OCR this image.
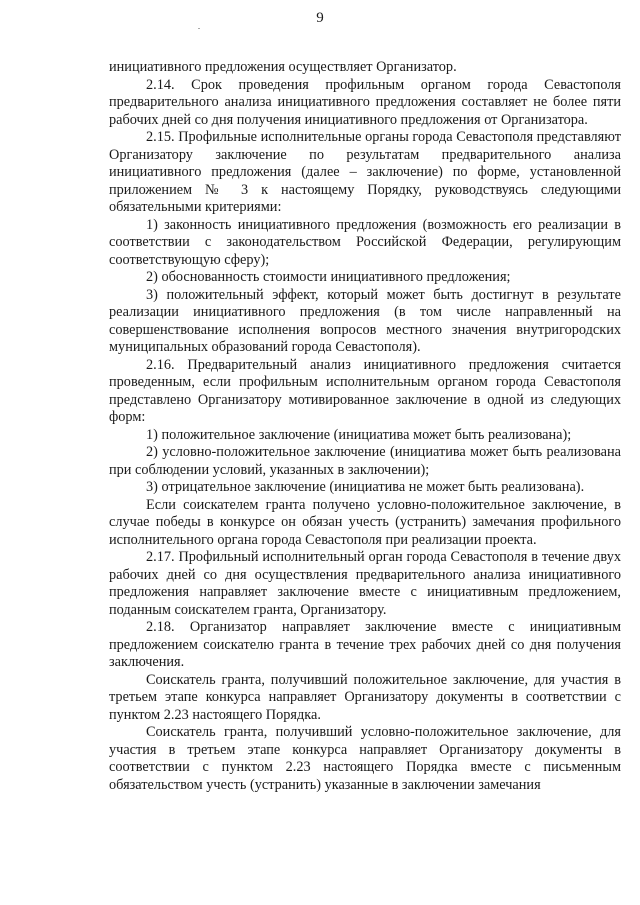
9
.

инициативного предложения осуществляет Организатор.

2.14. Срок проведения профильным органом города Севастополя предварительного анализа инициативного предложения составляет не более пяти рабочих дней со дня получения инициативного предложения от Организатора.

2.15. Профильные исполнительные органы города Севастополя представляют Организатору заключение по результатам предварительного анализа инициативного предложения (далее – заключение) по форме, установленной приложением № 3 к настоящему Порядку, руководствуясь следующими обязательными критериями:

1) законность инициативного предложения (возможность его реализации в соответствии с законодательством Российской Федерации, регулирующим соответствующую сферу);

2) обоснованность стоимости инициативного предложения;

3) положительный эффект, который может быть достигнут в результате реализации инициативного предложения (в том числе направленный на совершенствование исполнения вопросов местного значения внутригородских муниципальных образований города Севастополя).

2.16. Предварительный анализ инициативного предложения считается проведенным, если профильным исполнительным органом города Севастополя представлено Организатору мотивированное заключение в одной из следующих форм:

1) положительное заключение (инициатива может быть реализована);

2) условно-положительное заключение (инициатива может быть реализована при соблюдении условий, указанных в заключении);

3) отрицательное заключение (инициатива не может быть реализована).

Если соискателем гранта получено условно-положительное заключение, в случае победы в конкурсе он обязан учесть (устранить) замечания профильного исполнительного органа города Севастополя при реализации проекта.

2.17. Профильный исполнительный орган города Севастополя в течение двух рабочих дней со дня осуществления предварительного анализа инициативного предложения направляет заключение вместе с инициативным предложением, поданным соискателем гранта, Организатору.

2.18. Организатор направляет заключение вместе с инициативным предложением соискателю гранта в течение трех рабочих дней со дня получения заключения.

Соискатель гранта, получивший положительное заключение, для участия в третьем этапе конкурса направляет Организатору документы в соответствии с пунктом 2.23 настоящего Порядка.

Соискатель гранта, получивший условно-положительное заключение, для участия в третьем этапе конкурса направляет Организатору документы в соответствии с пунктом 2.23 настоящего Порядка вместе с письменным обязательством учесть (устранить) указанные в заключении замечания
